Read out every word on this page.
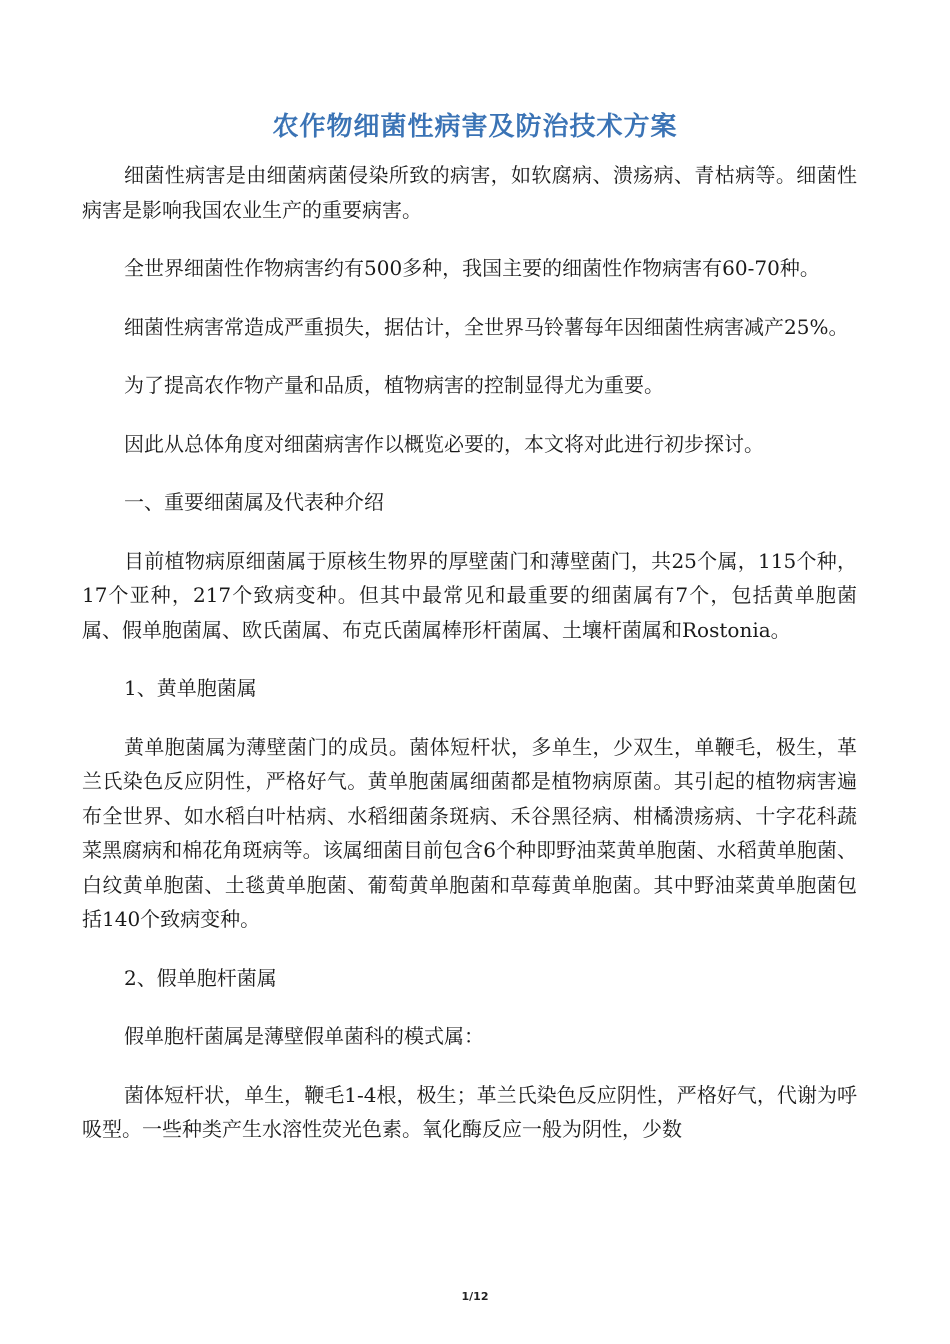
农作物细菌性病害及防治技术方案

细菌性病害是由细菌病菌侵染所致的病害，如软腐病、溃疡病、青枯病等。细菌性病害是影响我国农业生产的重要病害。

全世界细菌性作物病害约有500多种，我国主要的细菌性作物病害有60-70种。

细菌性病害常造成严重损失，据估计，全世界马铃薯每年因细菌性病害减产25%。

为了提高农作物产量和品质，植物病害的控制显得尤为重要。

因此从总体角度对细菌病害作以概览必要的，本文将对此进行初步探讨。

一、重要细菌属及代表种介绍

目前植物病原细菌属于原核生物界的厚壁菌门和薄壁菌门，共25个属，115个种，17个亚种，217个致病变种。但其中最常见和最重要的细菌属有7个，包括黄单胞菌属、假单胞菌属、欧氏菌属、布克氏菌属棒形杆菌属、土壤杆菌属和Rostonia。

1、黄单胞菌属

黄单胞菌属为薄壁菌门的成员。菌体短杆状，多单生，少双生，单鞭毛，极生，革兰氏染色反应阴性，严格好气。黄单胞菌属细菌都是植物病原菌。其引起的植物病害遍布全世界、如水稻白叶枯病、水稻细菌条斑病、禾谷黑径病、柑橘溃疡病、十字花科蔬菜黑腐病和棉花角斑病等。该属细菌目前包含6个种即野油菜黄单胞菌、水稻黄单胞菌、白纹黄单胞菌、土毯黄单胞菌、葡萄黄单胞菌和草莓黄单胞菌。其中野油菜黄单胞菌包括140个致病变种。

2、假单胞杆菌属

假单胞杆菌属是薄壁假单菌科的模式属：

菌体短杆状，单生，鞭毛1-4根，极生；革兰氏染色反应阴性，严格好气，代谢为呼吸型。一些种类产生水溶性荧光色素。氧化酶反应一般为阴性，少数

1/12
